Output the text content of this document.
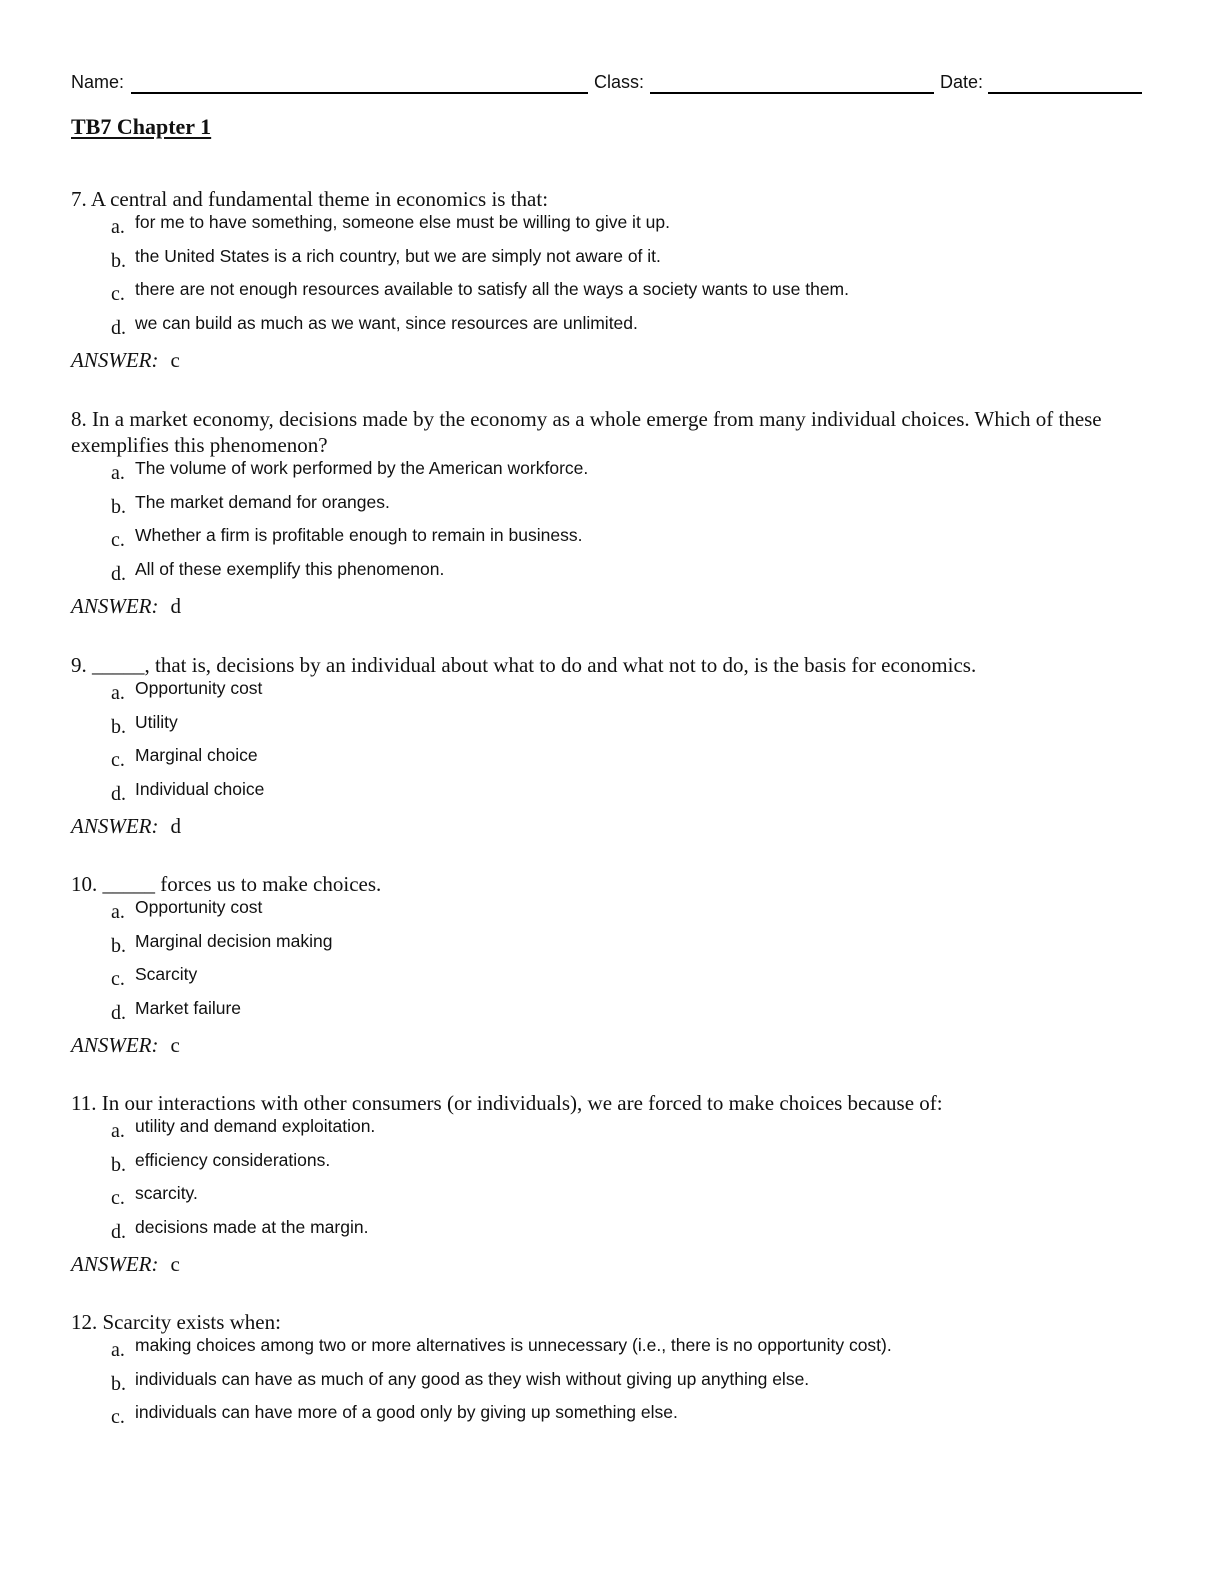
Name:	Class:	Date:
TB7 Chapter 1

7. A central and fundamental theme in economics is that:

a. for me to have something, someone else must be willing to give it up.
b. the United States is a rich country, but we are simply not aware of it.
c. there are not enough resources available to satisfy all the ways a society wants to use them.
d. we can build as much as we want, since resources are unlimited.
ANSWER: c

8. In a market economy, decisions made by the economy as a whole emerge from many individual choices. Which of these exemplifies this phenomenon?

a. The volume of work performed by the American workforce.
b. The market demand for oranges.
c. Whether a firm is profitable enough to remain in business.
d. All of these exemplify this phenomenon.
ANSWER: d

9. _____, that is, decisions by an individual about what to do and what not to do, is the basis for economics.

a. Opportunity cost
b. Utility
c. Marginal choice
d. Individual choice
ANSWER: d

10. _____ forces us to make choices.

a. Opportunity cost
b. Marginal decision making
c. Scarcity
d. Market failure
ANSWER: c

11. In our interactions with other consumers (or individuals), we are forced to make choices because of:

a. utility and demand exploitation.
b. efficiency considerations.
c. scarcity.
d. decisions made at the margin.
ANSWER: c

12. Scarcity exists when:

a. making choices among two or more alternatives is unnecessary (i.e., there is no opportunity cost).
b. individuals can have as much of any good as they wish without giving up anything else.
c. individuals can have more of a good only by giving up something else.
